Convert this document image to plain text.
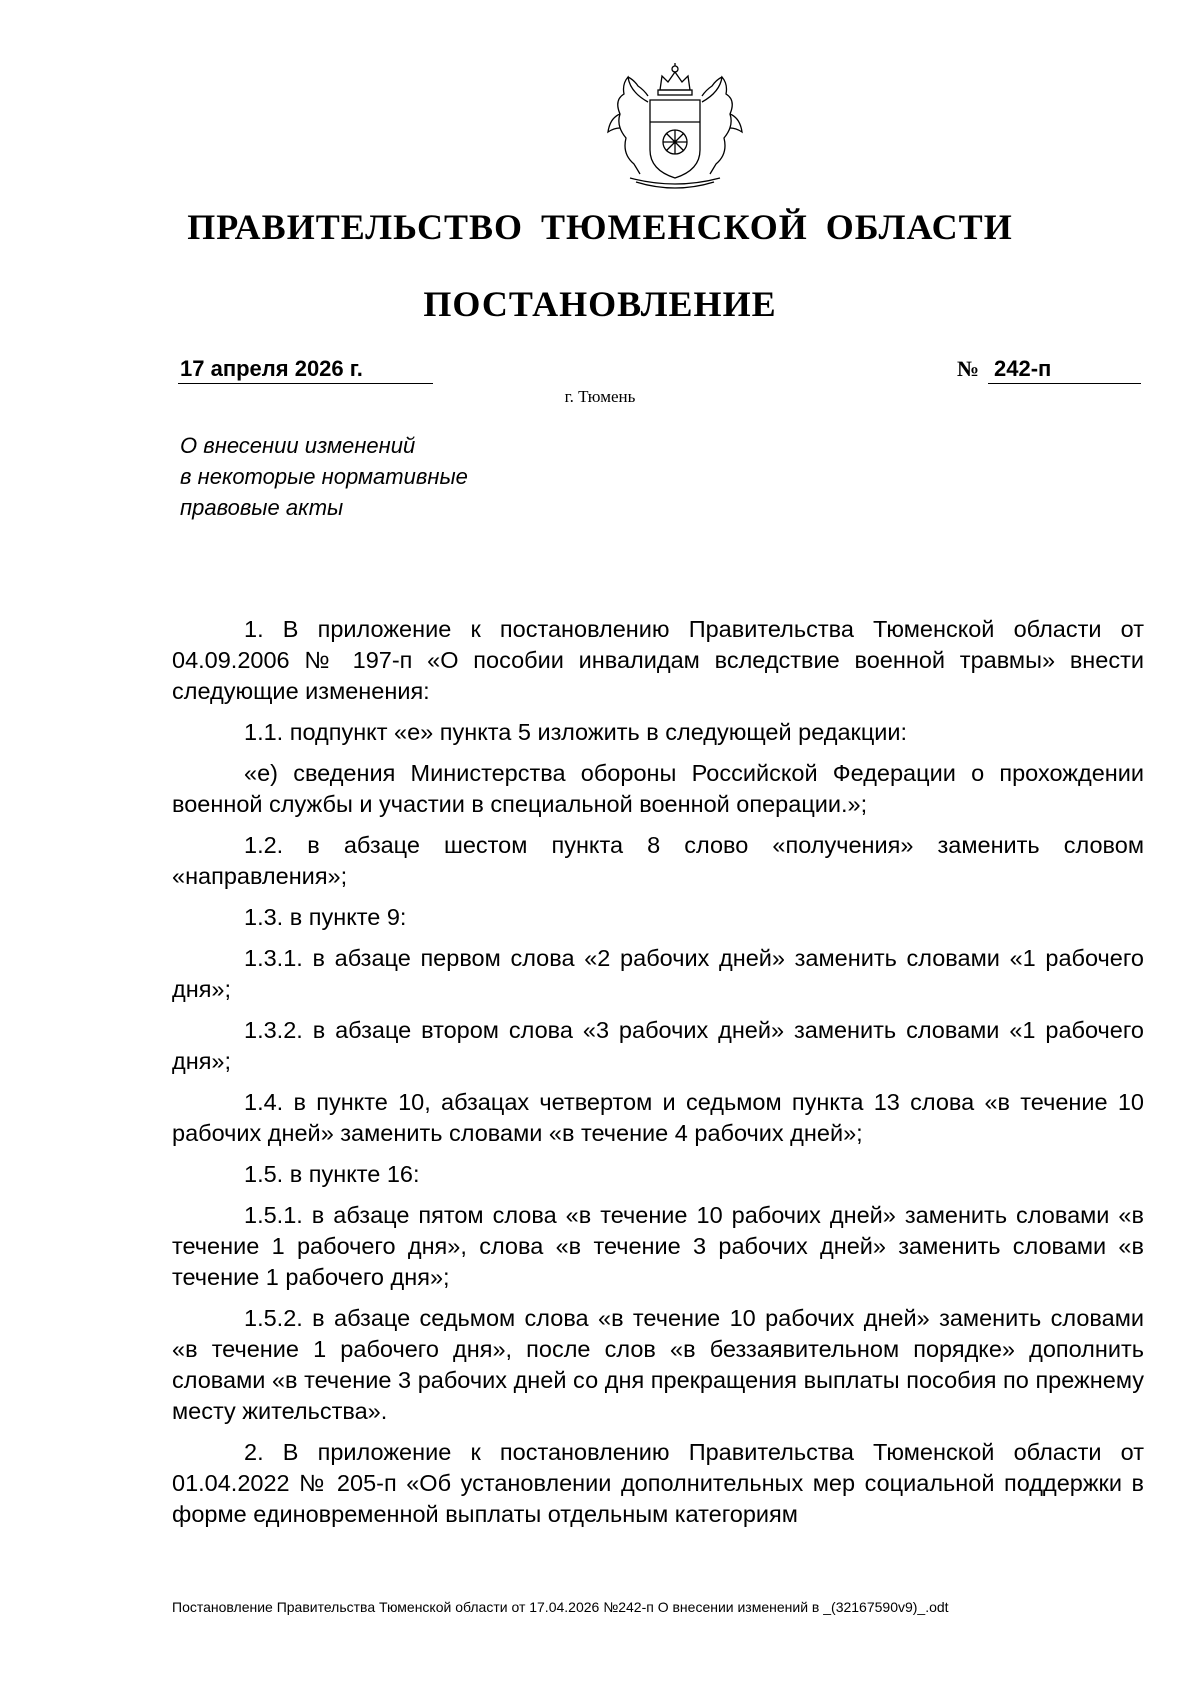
ПРАВИТЕЛЬСТВО ТЮМЕНСКОЙ ОБЛАСТИ
ПОСТАНОВЛЕНИЕ
17 апреля 2026 г.	№ 242-п
г. Тюмень
О внесении изменений
в некоторые нормативные
правовые акты

1. В приложение к постановлению Правительства Тюменской области от 04.09.2006 № 197-п «О пособии инвалидам вследствие военной травмы» внести следующие изменения:

1.1. подпункт «е» пункта 5 изложить в следующей редакции:

«е) сведения Министерства обороны Российской Федерации о прохождении военной службы и участии в специальной военной операции.»;

1.2. в абзаце шестом пункта 8 слово «получения» заменить словом «направления»;

1.3. в пункте 9:

1.3.1. в абзаце первом слова «2 рабочих дней» заменить словами «1 рабочего дня»;

1.3.2. в абзаце втором слова «3 рабочих дней» заменить словами «1 рабочего дня»;

1.4. в пункте 10, абзацах четвертом и седьмом пункта 13 слова «в течение 10 рабочих дней» заменить словами «в течение 4 рабочих дней»;

1.5. в пункте 16:

1.5.1. в абзаце пятом слова «в течение 10 рабочих дней» заменить словами «в течение 1 рабочего дня», слова «в течение 3 рабочих дней» заменить словами «в течение 1 рабочего дня»;

1.5.2. в абзаце седьмом слова «в течение 10 рабочих дней» заменить словами «в течение 1 рабочего дня», после слов «в беззаявительном порядке» дополнить словами «в течение 3 рабочих дней со дня прекращения выплаты пособия по прежнему месту жительства».

2. В приложение к постановлению Правительства Тюменской области от 01.04.2022 № 205-п «Об установлении дополнительных мер социальной поддержки в форме единовременной выплаты отдельным категориям

Постановление Правительства Тюменской области от 17.04.2026 №242-п О внесении изменений в _(32167590v9)_.odt
